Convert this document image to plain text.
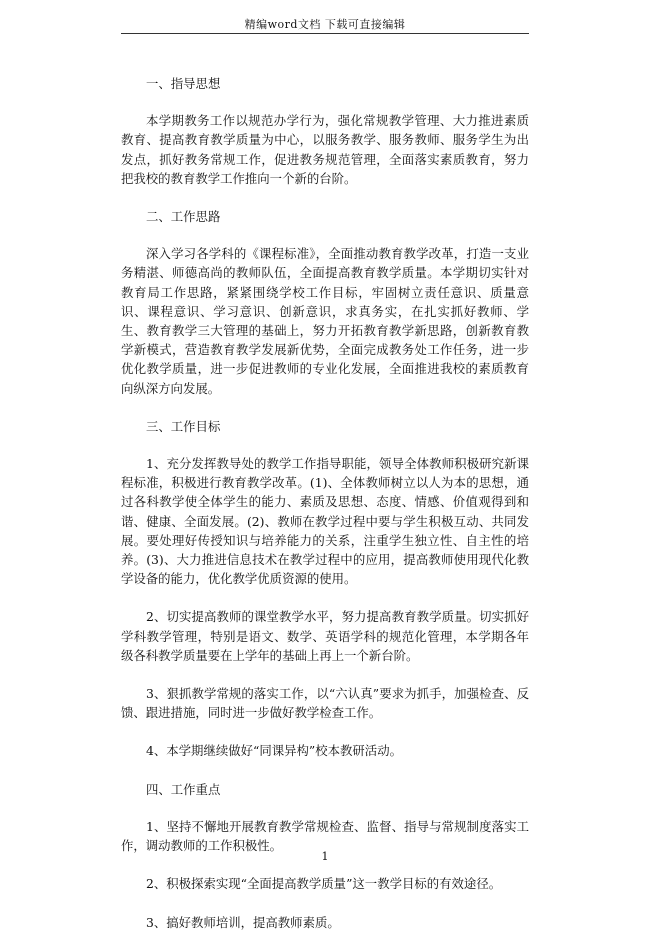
精编word文档 下载可直接编辑

一、指导思想

本学期教务工作以规范办学行为，强化常规教学管理、大力推进素质教育、提高教育教学质量为中心，以服务教学、服务教师、服务学生为出发点，抓好教务常规工作，促进教务规范管理，全面落实素质教育，努力把我校的教育教学工作推向一个新的台阶。

二、工作思路

深入学习各学科的《课程标准》，全面推动教育教学改革，打造一支业务精湛、师德高尚的教师队伍，全面提高教育教学质量。本学期切实针对教育局工作思路，紧紧围绕学校工作目标，牢固树立责任意识、质量意识、课程意识、学习意识、创新意识，求真务实，在扎实抓好教师、学生、教育教学三大管理的基础上，努力开拓教育教学新思路，创新教育教学新模式，营造教育教学发展新优势，全面完成教务处工作任务，进一步优化教学质量，进一步促进教师的专业化发展，全面推进我校的素质教育向纵深方向发展。

三、工作目标

1、充分发挥教导处的教学工作指导职能，领导全体教师积极研究新课程标准，积极进行教育教学改革。(1)、全体教师树立以人为本的思想，通过各科教学使全体学生的能力、素质及思想、态度、情感、价值观得到和谐、健康、全面发展。(2)、教师在教学过程中要与学生积极互动、共同发展。要处理好传授知识与培养能力的关系，注重学生独立性、自主性的培养。(3)、大力推进信息技术在教学过程中的应用，提高教师使用现代化教学设备的能力，优化教学优质资源的使用。

2、切实提高教师的课堂教学水平，努力提高教育教学质量。切实抓好学科教学管理，特别是语文、数学、英语学科的规范化管理，本学期各年级各科教学质量要在上学年的基础上再上一个新台阶。

3、狠抓教学常规的落实工作，以“六认真”要求为抓手，加强检查、反馈、跟进措施，同时进一步做好教学检查工作。

4、本学期继续做好“同课异构”校本教研活动。

四、工作重点

1、坚持不懈地开展教育教学常规检查、监督、指导与常规制度落实工作，调动教师的工作积极性。

2、积极探索实现“全面提高教学质量”这一教学目标的有效途径。

3、搞好教师培训，提高教师素质。

1
